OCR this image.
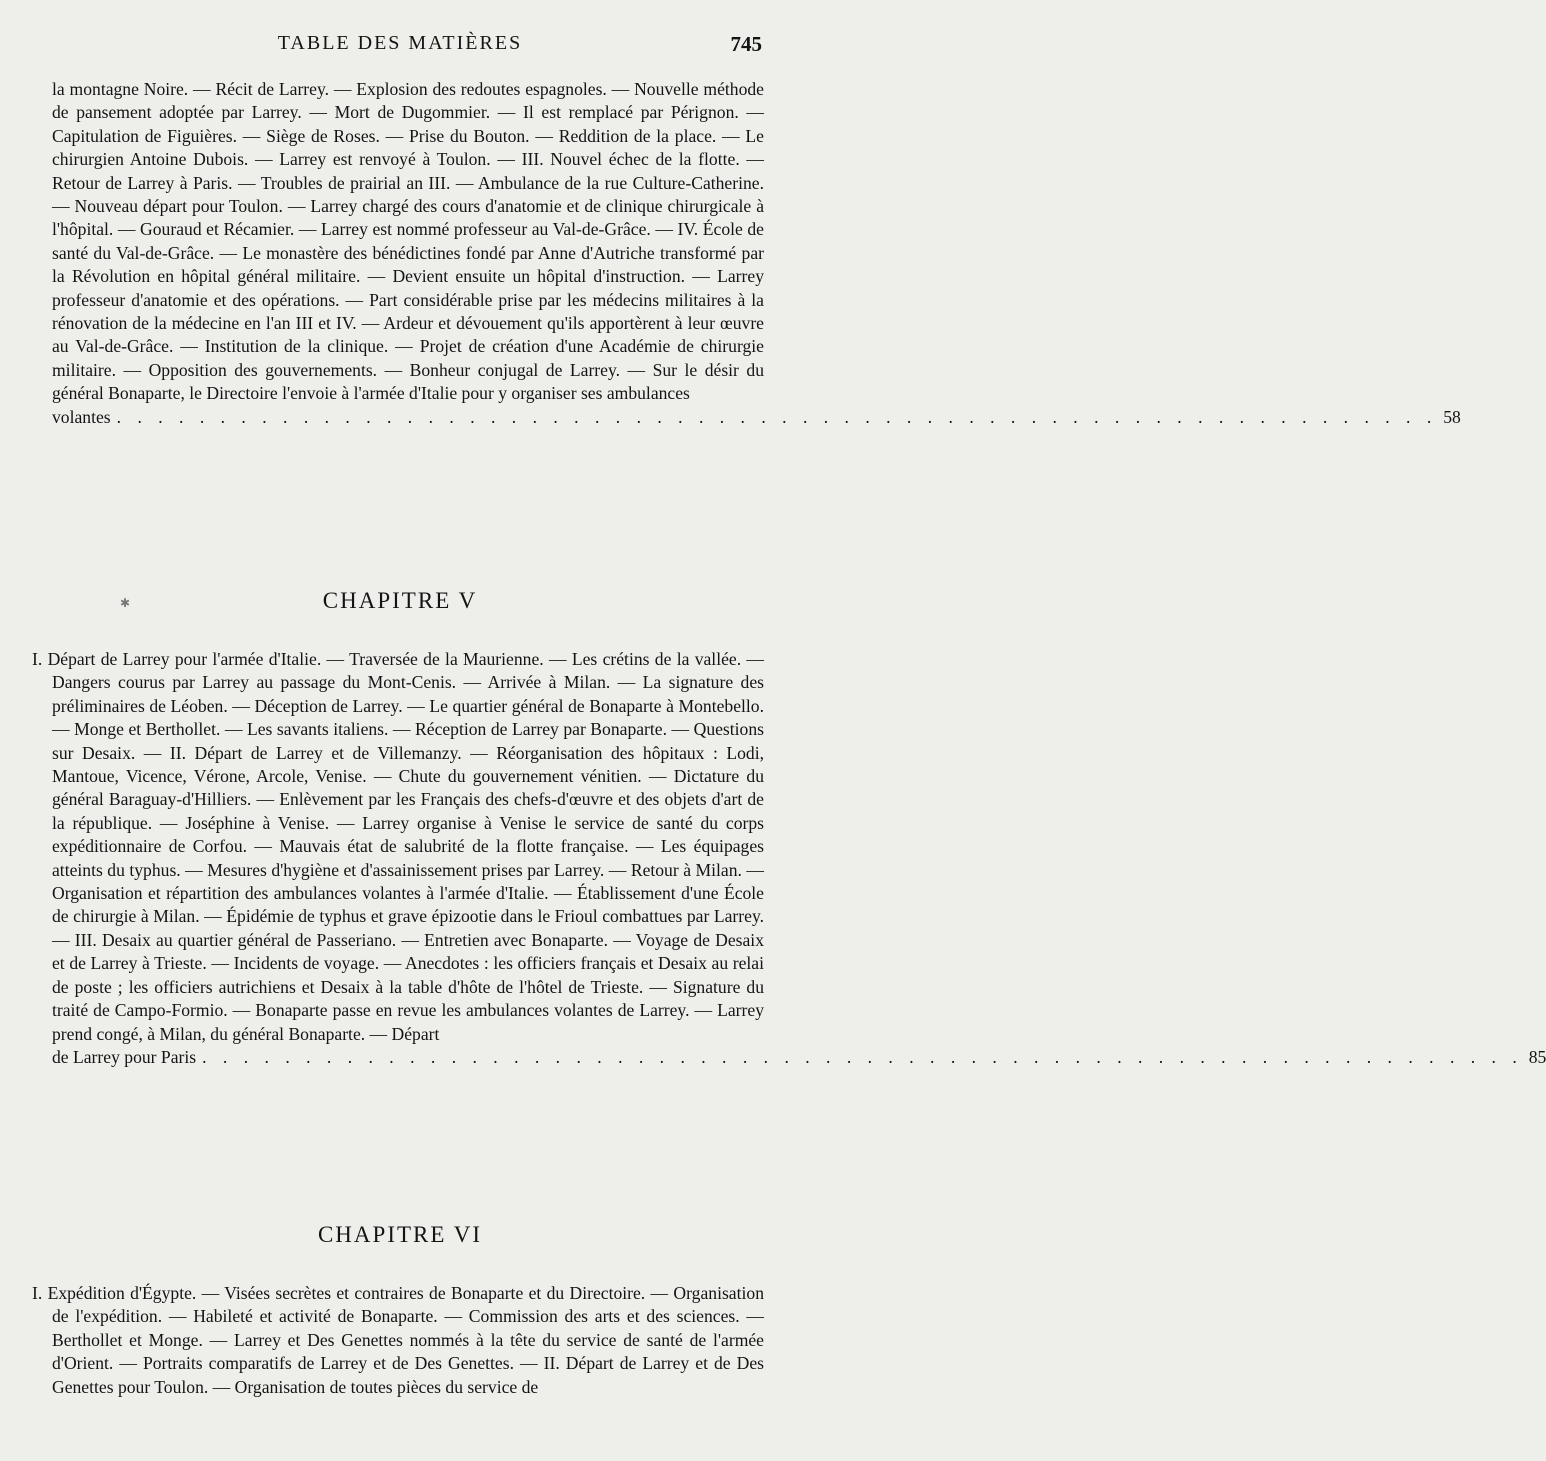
TABLE DES MATIÈRES	745
la montagne Noire. — Récit de Larrey. — Explosion des redoutes espagnoles. — Nouvelle méthode de pansement adoptée par Larrey. — Mort de Dugommier. — Il est remplacé par Pérignon. — Capitulation de Figuières. — Siège de Roses. — Prise du Bouton. — Reddition de la place. — Le chirurgien Antoine Dubois. — Larrey est renvoyé à Toulon. — III. Nouvel échec de la flotte. — Retour de Larrey à Paris. — Troubles de prairial an III. — Ambulance de la rue Culture-Catherine. — Nouveau départ pour Toulon. — Larrey chargé des cours d'anatomie et de clinique chirurgicale à l'hôpital. — Gouraud et Récamier. — Larrey est nommé professeur au Val-de-Grâce. — IV. École de santé du Val-de-Grâce. — Le monastère des bénédictines fondé par Anne d'Autriche transformé par la Révolution en hôpital général militaire. — Devient ensuite un hôpital d'instruction. — Larrey professeur d'anatomie et des opérations. — Part considérable prise par les médecins militaires à la rénovation de la médecine en l'an III et IV. — Ardeur et dévouement qu'ils apportèrent à leur œuvre au Val-de-Grâce. — Institution de la clinique. — Projet de création d'une Académie de chirurgie militaire. — Opposition des gouvernements. — Bonheur conjugal de Larrey. — Sur le désir du général Bonaparte, le Directoire l'envoie à l'armée d'Italie pour y organiser ses ambulances
volantes . . . . . . . . . . . . . . . . . . . . . . . . . . . . . . . . . . . . . . . . . . . . . . . . . . . . . . . . . . . . . . . . 58
✱	CHAPITRE V
I. Départ de Larrey pour l'armée d'Italie. — Traversée de la Maurienne. — Les crétins de la vallée. — Dangers courus par Larrey au passage du Mont-Cenis. — Arrivée à Milan. — La signature des préliminaires de Léoben. — Déception de Larrey. — Le quartier général de Bonaparte à Montebello. — Monge et Berthollet. — Les savants italiens. — Réception de Larrey par Bonaparte. — Questions sur Desaix. — II. Départ de Larrey et de Villemanzy. — Réorganisation des hôpitaux : Lodi, Mantoue, Vicence, Vérone, Arcole, Venise. — Chute du gouvernement vénitien. — Dictature du général Baraguay-d'Hilliers. — Enlèvement par les Français des chefs-d'œuvre et des objets d'art de la république. — Joséphine à Venise. — Larrey organise à Venise le service de santé du corps expéditionnaire de Corfou. — Mauvais état de salubrité de la flotte française. — Les équipages atteints du typhus. — Mesures d'hygiène et d'assainissement prises par Larrey. — Retour à Milan. — Organisation et répartition des ambulances volantes à l'armée d'Italie. — Établissement d'une École de chirurgie à Milan. — Épidémie de typhus et grave épizootie dans le Frioul combattues par Larrey. — III. Desaix au quartier général de Passeriano. — Entretien avec Bonaparte. — Voyage de Desaix et de Larrey à Trieste. — Incidents de voyage. — Anecdotes : les officiers français et Desaix au relai de poste ; les officiers autrichiens et Desaix à la table d'hôte de l'hôtel de Trieste. — Signature du traité de Campo-Formio. — Bonaparte passe en revue les ambulances volantes de Larrey. — Larrey prend congé, à Milan, du général Bonaparte. — Départ
de Larrey pour Paris . . . . . . . . . . . . . . . . . . . . . . . . . . . . . . . . . . . . . . . . . . . . . . . . . . . . . . . . . . . . . . . . 85
CHAPITRE VI
I. Expédition d'Égypte. — Visées secrètes et contraires de Bonaparte et du Directoire. — Organisation de l'expédition. — Habileté et activité de Bonaparte. — Commission des arts et des sciences. — Berthollet et Monge. — Larrey et Des Genettes nommés à la tête du service de santé de l'armée d'Orient. — Portraits comparatifs de Larrey et de Des Genettes. — II. Départ de Larrey et de Des Genettes pour Toulon. — Organisation de toutes pièces du service de
